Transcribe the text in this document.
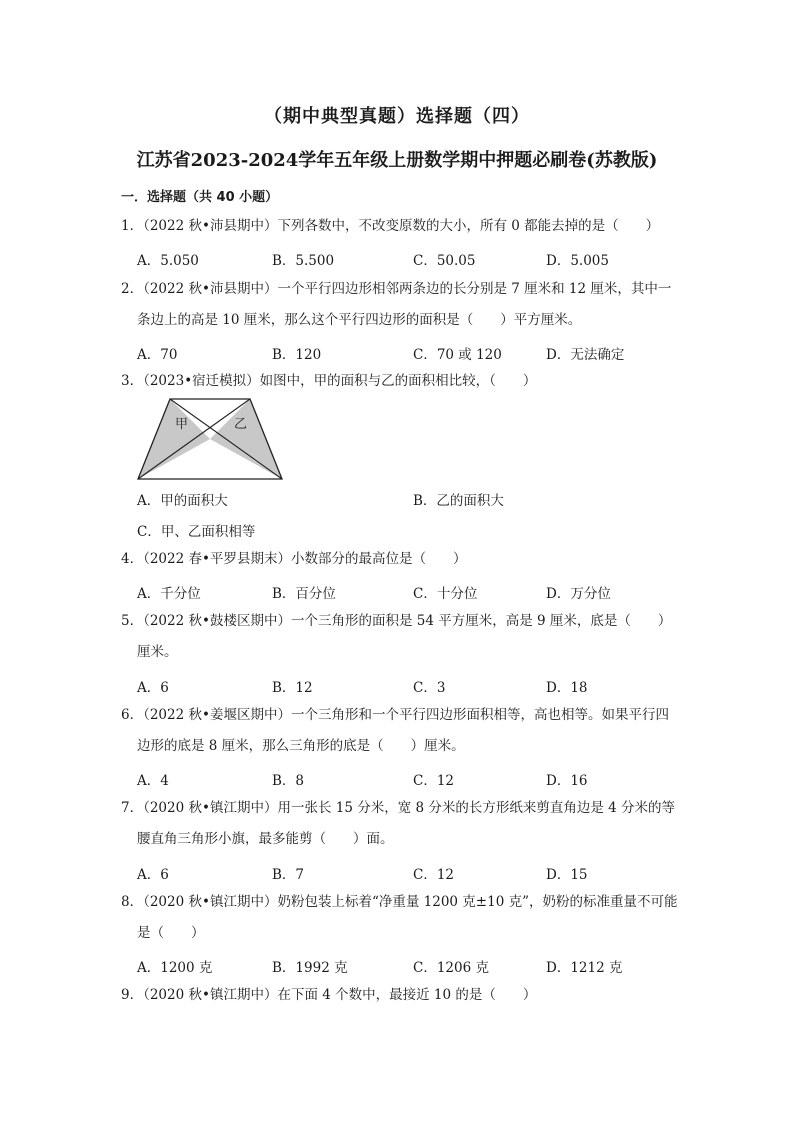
（期中典型真题）选择题（四）
江苏省2023-2024学年五年级上册数学期中押题必刷卷(苏教版)
一．选择题（共 40 小题）
1．（2022 秋•沛县期中）下列各数中，不改变原数的大小，所有 0 都能去掉的是（　　）
A．5.050	B．5.500	C．50.05	D．5.005
2．（2022 秋•沛县期中）一个平行四边形相邻两条边的长分别是 7 厘米和 12 厘米，其中一
条边上的高是 10 厘米，那么这个平行四边形的面积是（　　）平方厘米。
A．70	B．120	C．70 或 120	D．无法确定
3．（2023•宿迁模拟）如图中，甲的面积与乙的面积相比较，（　　）
甲	乙
A．甲的面积大	B．乙的面积大
C．甲、乙面积相等
4．（2022 春•平罗县期末）小数部分的最高位是（　　）
A．千分位	B．百分位	C．十分位	D．万分位
5．（2022 秋•鼓楼区期中）一个三角形的面积是 54 平方厘米，高是 9 厘米，底是（　　）
厘米。
A．6	B．12	C．3	D．18
6．（2022 秋•姜堰区期中）一个三角形和一个平行四边形面积相等，高也相等。如果平行四
边形的底是 8 厘米，那么三角形的底是（　　）厘米。
A．4	B．8	C．12	D．16
7．（2020 秋•镇江期中）用一张长 15 分米，宽 8 分米的长方形纸来剪直角边是 4 分米的等
腰直角三角形小旗，最多能剪（　　）面。
A．6	B．7	C．12	D．15
8．（2020 秋•镇江期中）奶粉包装上标着“净重量 1200 克±10 克”，奶粉的标准重量不可能
是（　　）
A．1200 克	B．1992 克	C．1206 克	D．1212 克
9．（2020 秋•镇江期中）在下面 4 个数中，最接近 10 的是（　　）
